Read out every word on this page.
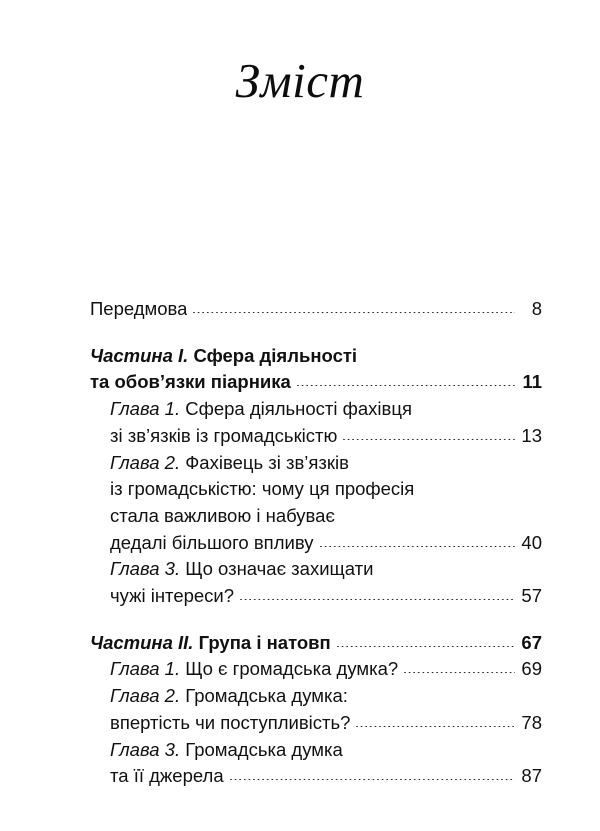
Зміст
Передмова	8
Частина I. Сфера діяльності
та обов’язки піарника	11
Глава 1. Сфера діяльності фахівця
зі зв’язків із громадськістю	13
Глава 2. Фахівець зі зв’язків
із громадськістю: чому ця професія
стала важливою і набуває
дедалі більшого впливу	40
Глава 3. Що означає захищати
чужі інтереси?	57
Частина II. Група і натовп	67
Глава 1. Що є громадська думка?	69
Глава 2. Громадська думка:
впертість чи поступливість?	78
Глава 3. Громадська думка
та її джерела	87
